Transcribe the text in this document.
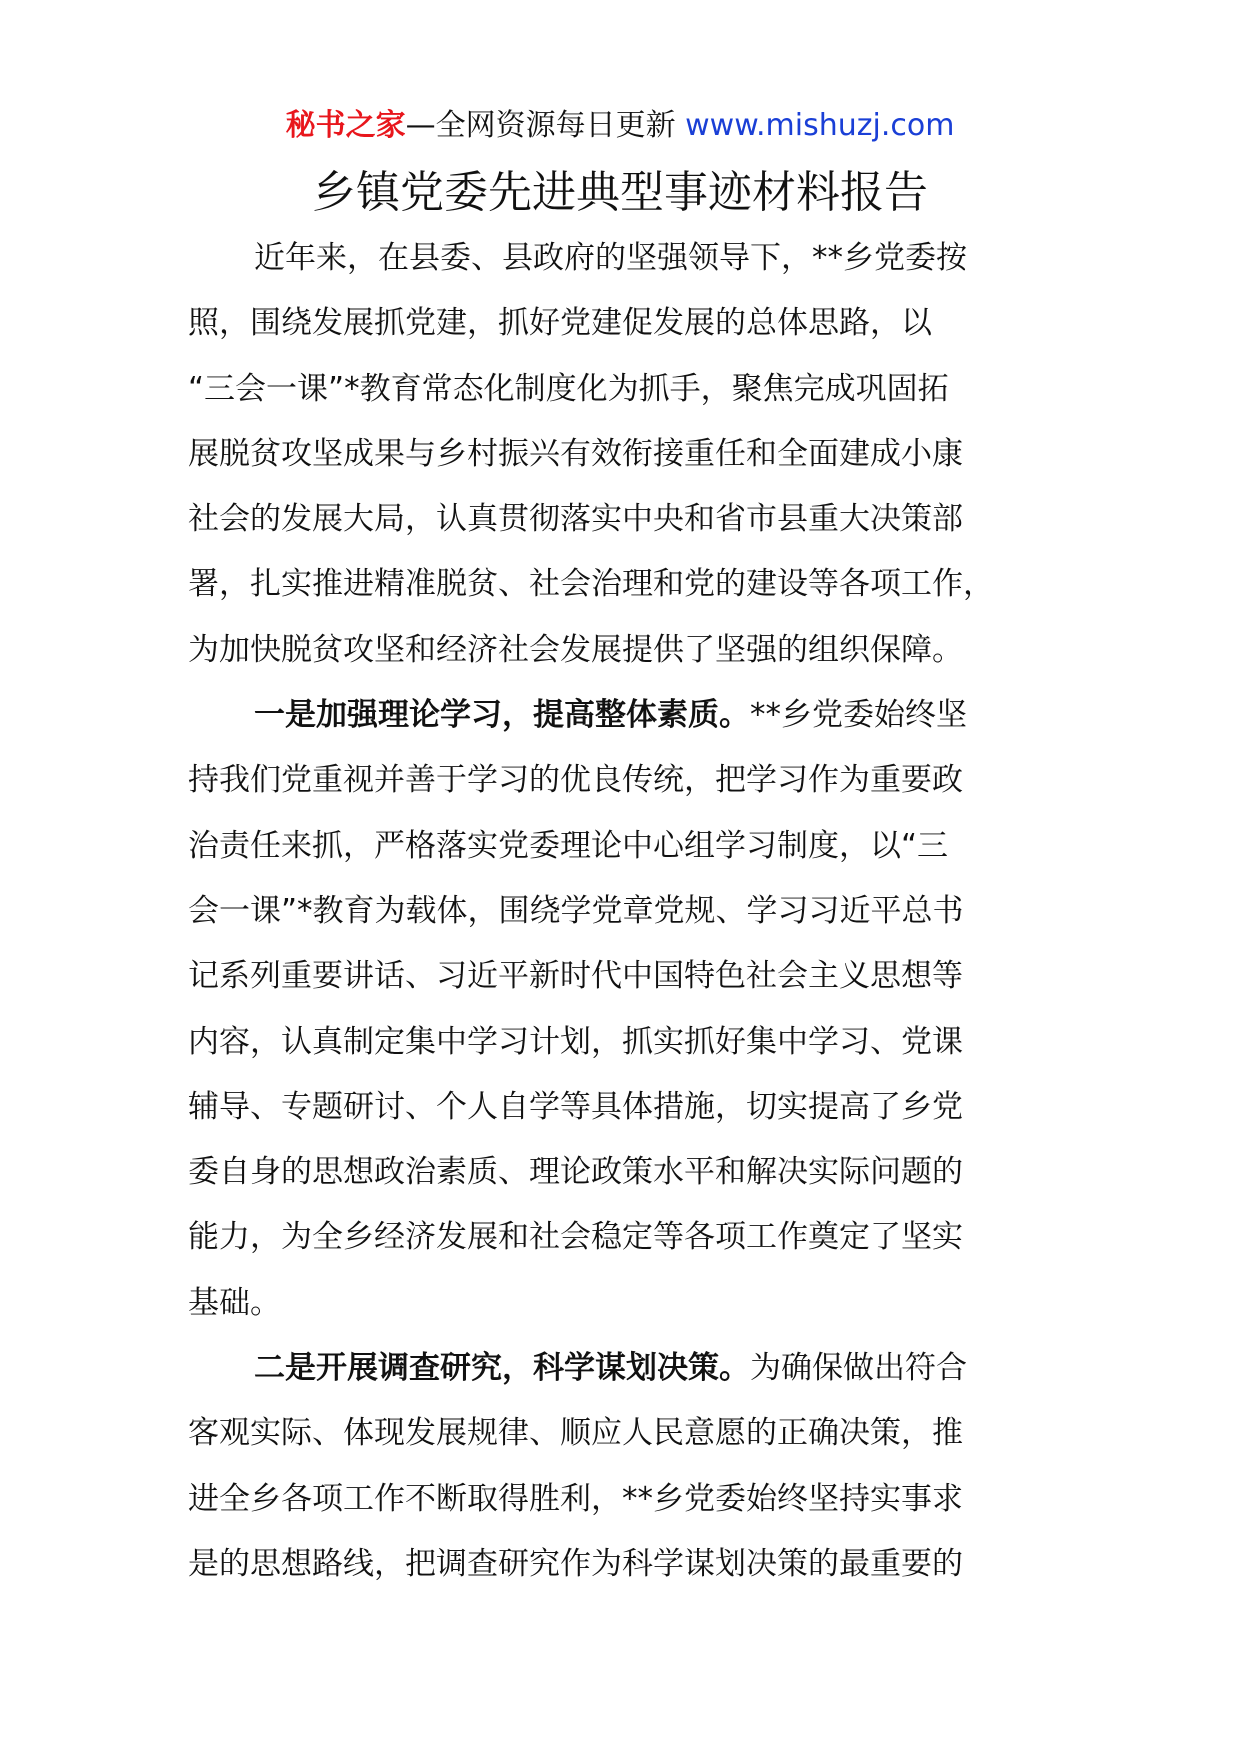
秘书之家—全网资源每日更新 www.mishuzj.com
乡镇党委先进典型事迹材料报告

近年来，在县委、县政府的坚强领导下，**乡党委按
照，围绕发展抓党建，抓好党建促发展的总体思路，以
“三会一课”*教育常态化制度化为抓手，聚焦完成巩固拓
展脱贫攻坚成果与乡村振兴有效衔接重任和全面建成小康
社会的发展大局，认真贯彻落实中央和省市县重大决策部
署，扎实推进精准脱贫、社会治理和党的建设等各项工作，
为加快脱贫攻坚和经济社会发展提供了坚强的组织保障。

一是加强理论学习，提高整体素质。**乡党委始终坚
持我们党重视并善于学习的优良传统，把学习作为重要政
治责任来抓，严格落实党委理论中心组学习制度，以“三
会一课”*教育为载体，围绕学党章党规、学习习近平总书
记系列重要讲话、习近平新时代中国特色社会主义思想等
内容，认真制定集中学习计划，抓实抓好集中学习、党课
辅导、专题研讨、个人自学等具体措施，切实提高了乡党
委自身的思想政治素质、理论政策水平和解决实际问题的
能力，为全乡经济发展和社会稳定等各项工作奠定了坚实
基础。

二是开展调查研究，科学谋划决策。为确保做出符合
客观实际、体现发展规律、顺应人民意愿的正确决策，推
进全乡各项工作不断取得胜利，**乡党委始终坚持实事求
是的思想路线，把调查研究作为科学谋划决策的最重要的
